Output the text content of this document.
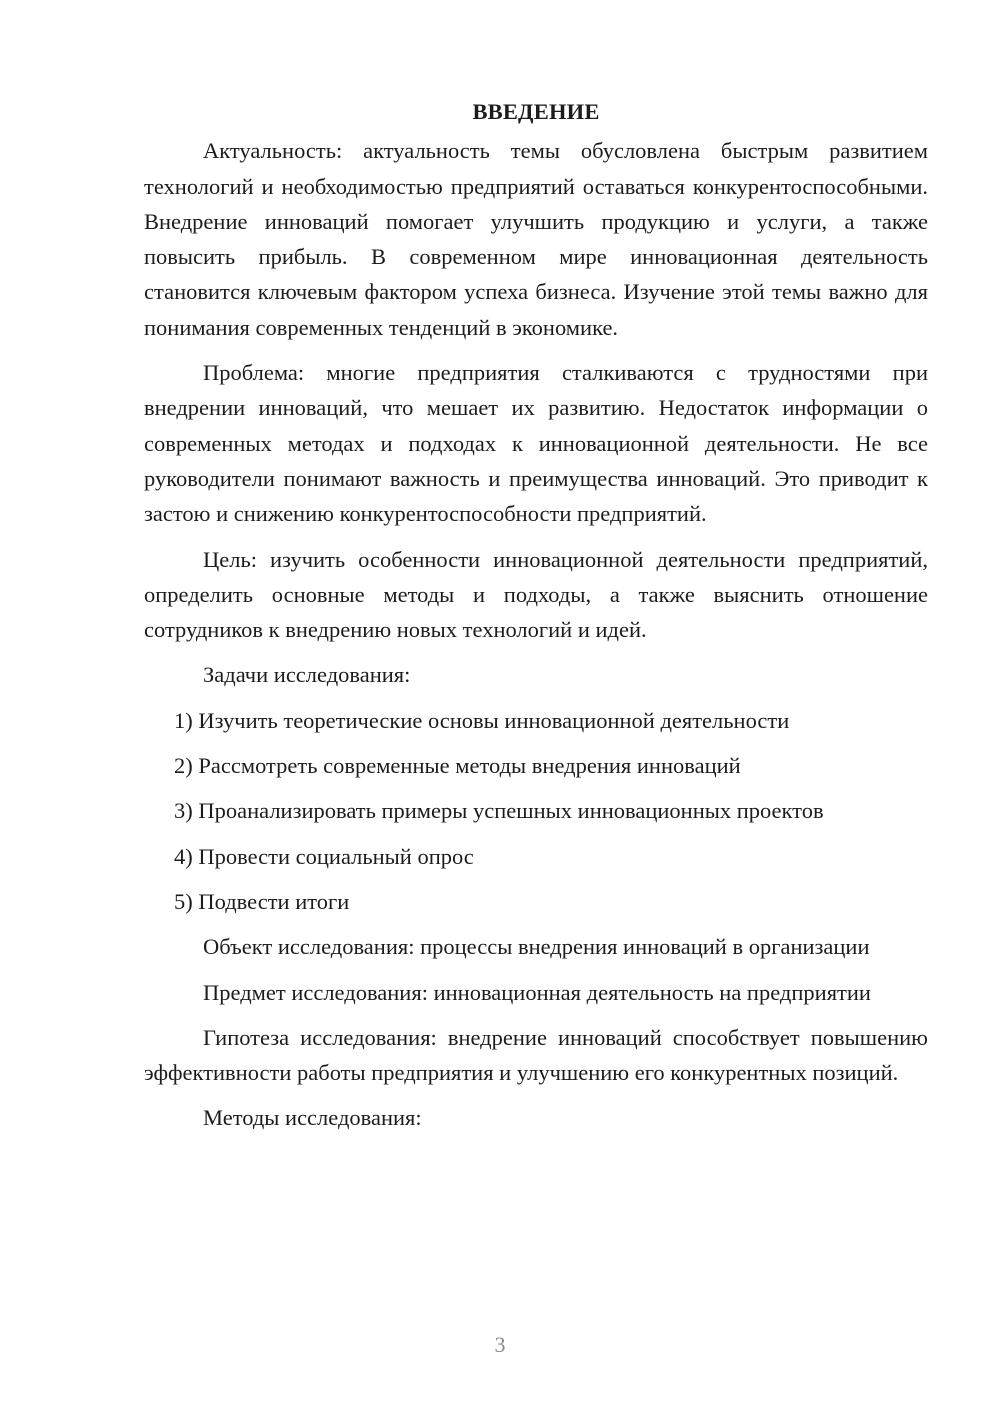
ВВЕДЕНИЕ

Актуальность: актуальность темы обусловлена быстрым развитием технологий и необходимостью предприятий оставаться конкурентоспособными. Внедрение инноваций помогает улучшить продукцию и услуги, а также повысить прибыль. В современном мире инновационная деятельность становится ключевым фактором успеха бизнеса. Изучение этой темы важно для понимания современных тенденций в экономике.

Проблема: многие предприятия сталкиваются с трудностями при внедрении инноваций, что мешает их развитию. Недостаток информации о современных методах и подходах к инновационной деятельности. Не все руководители понимают важность и преимущества инноваций. Это приводит к застою и снижению конкурентоспособности предприятий.

Цель: изучить особенности инновационной деятельности предприятий, определить основные методы и подходы, а также выяснить отношение сотрудников к внедрению новых технологий и идей.

Задачи исследования:

1) Изучить теоретические основы инновационной деятельности
2) Рассмотреть современные методы внедрения инноваций
3) Проанализировать примеры успешных инновационных проектов
4) Провести социальный опрос
5) Подвести итоги

Объект исследования: процессы внедрения инноваций в организации

Предмет исследования: инновационная деятельность на предприятии

Гипотеза исследования: внедрение инноваций способствует повышению эффективности работы предприятия и улучшению его конкурентных позиций.

Методы исследования:

3
